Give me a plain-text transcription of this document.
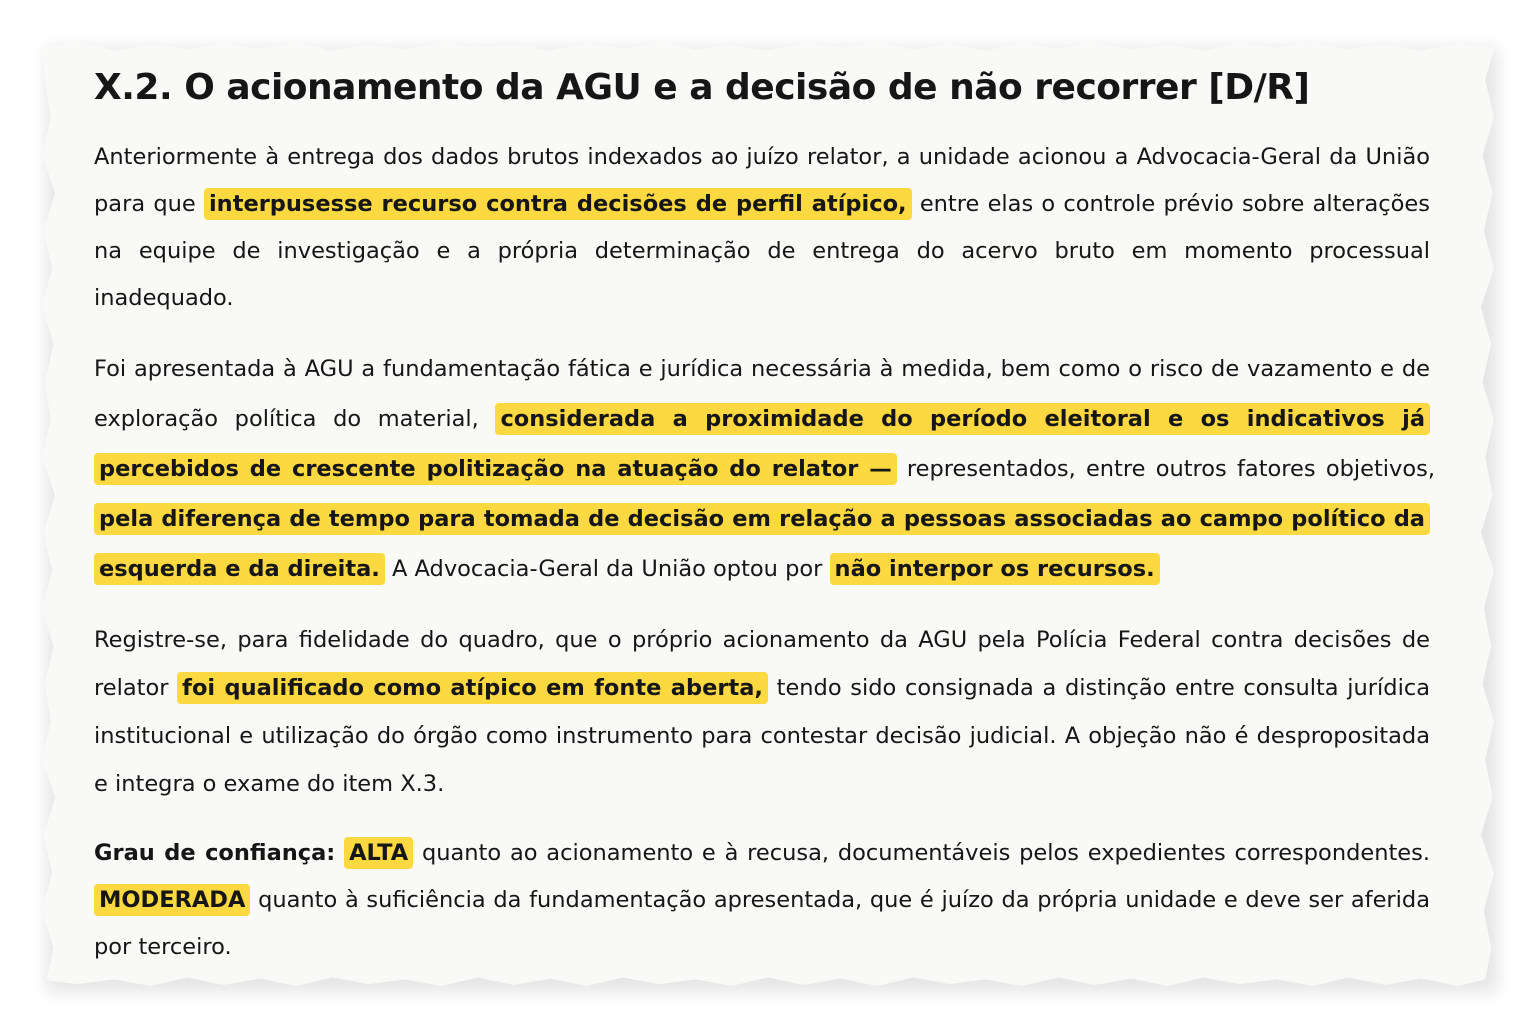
X.2. O acionamento da AGU e a decisão de não recorrer [D/R]

Anteriormente à entrega dos dados brutos indexados ao juízo relator, a unidade acionou a Advocacia-Geral da União para que interpusesse recurso contra decisões de perfil atípico, entre elas o controle prévio sobre alterações na equipe de investigação e a própria determinação de entrega do acervo bruto em momento processual inadequado.

Foi apresentada à AGU a fundamentação fática e jurídica necessária à medida, bem como o risco de vazamento e de exploração política do material, considerada a proximidade do período eleitoral e os indicativos já percebidos de crescente politização na atuação do relator — representados, entre outros fatores objetivos, pela diferença de tempo para tomada de decisão em relação a pessoas associadas ao campo político da esquerda e da direita. A Advocacia-Geral da União optou por não interpor os recursos.

Registre-se, para fidelidade do quadro, que o próprio acionamento da AGU pela Polícia Federal contra decisões de relator foi qualificado como atípico em fonte aberta, tendo sido consignada a distinção entre consulta jurídica institucional e utilização do órgão como instrumento para contestar decisão judicial. A objeção não é despropositada e integra o exame do item X.3.

Grau de confiança: ALTA quanto ao acionamento e à recusa, documentáveis pelos expedientes correspondentes. MODERADA quanto à suficiência da fundamentação apresentada, que é juízo da própria unidade e deve ser aferida por terceiro.
